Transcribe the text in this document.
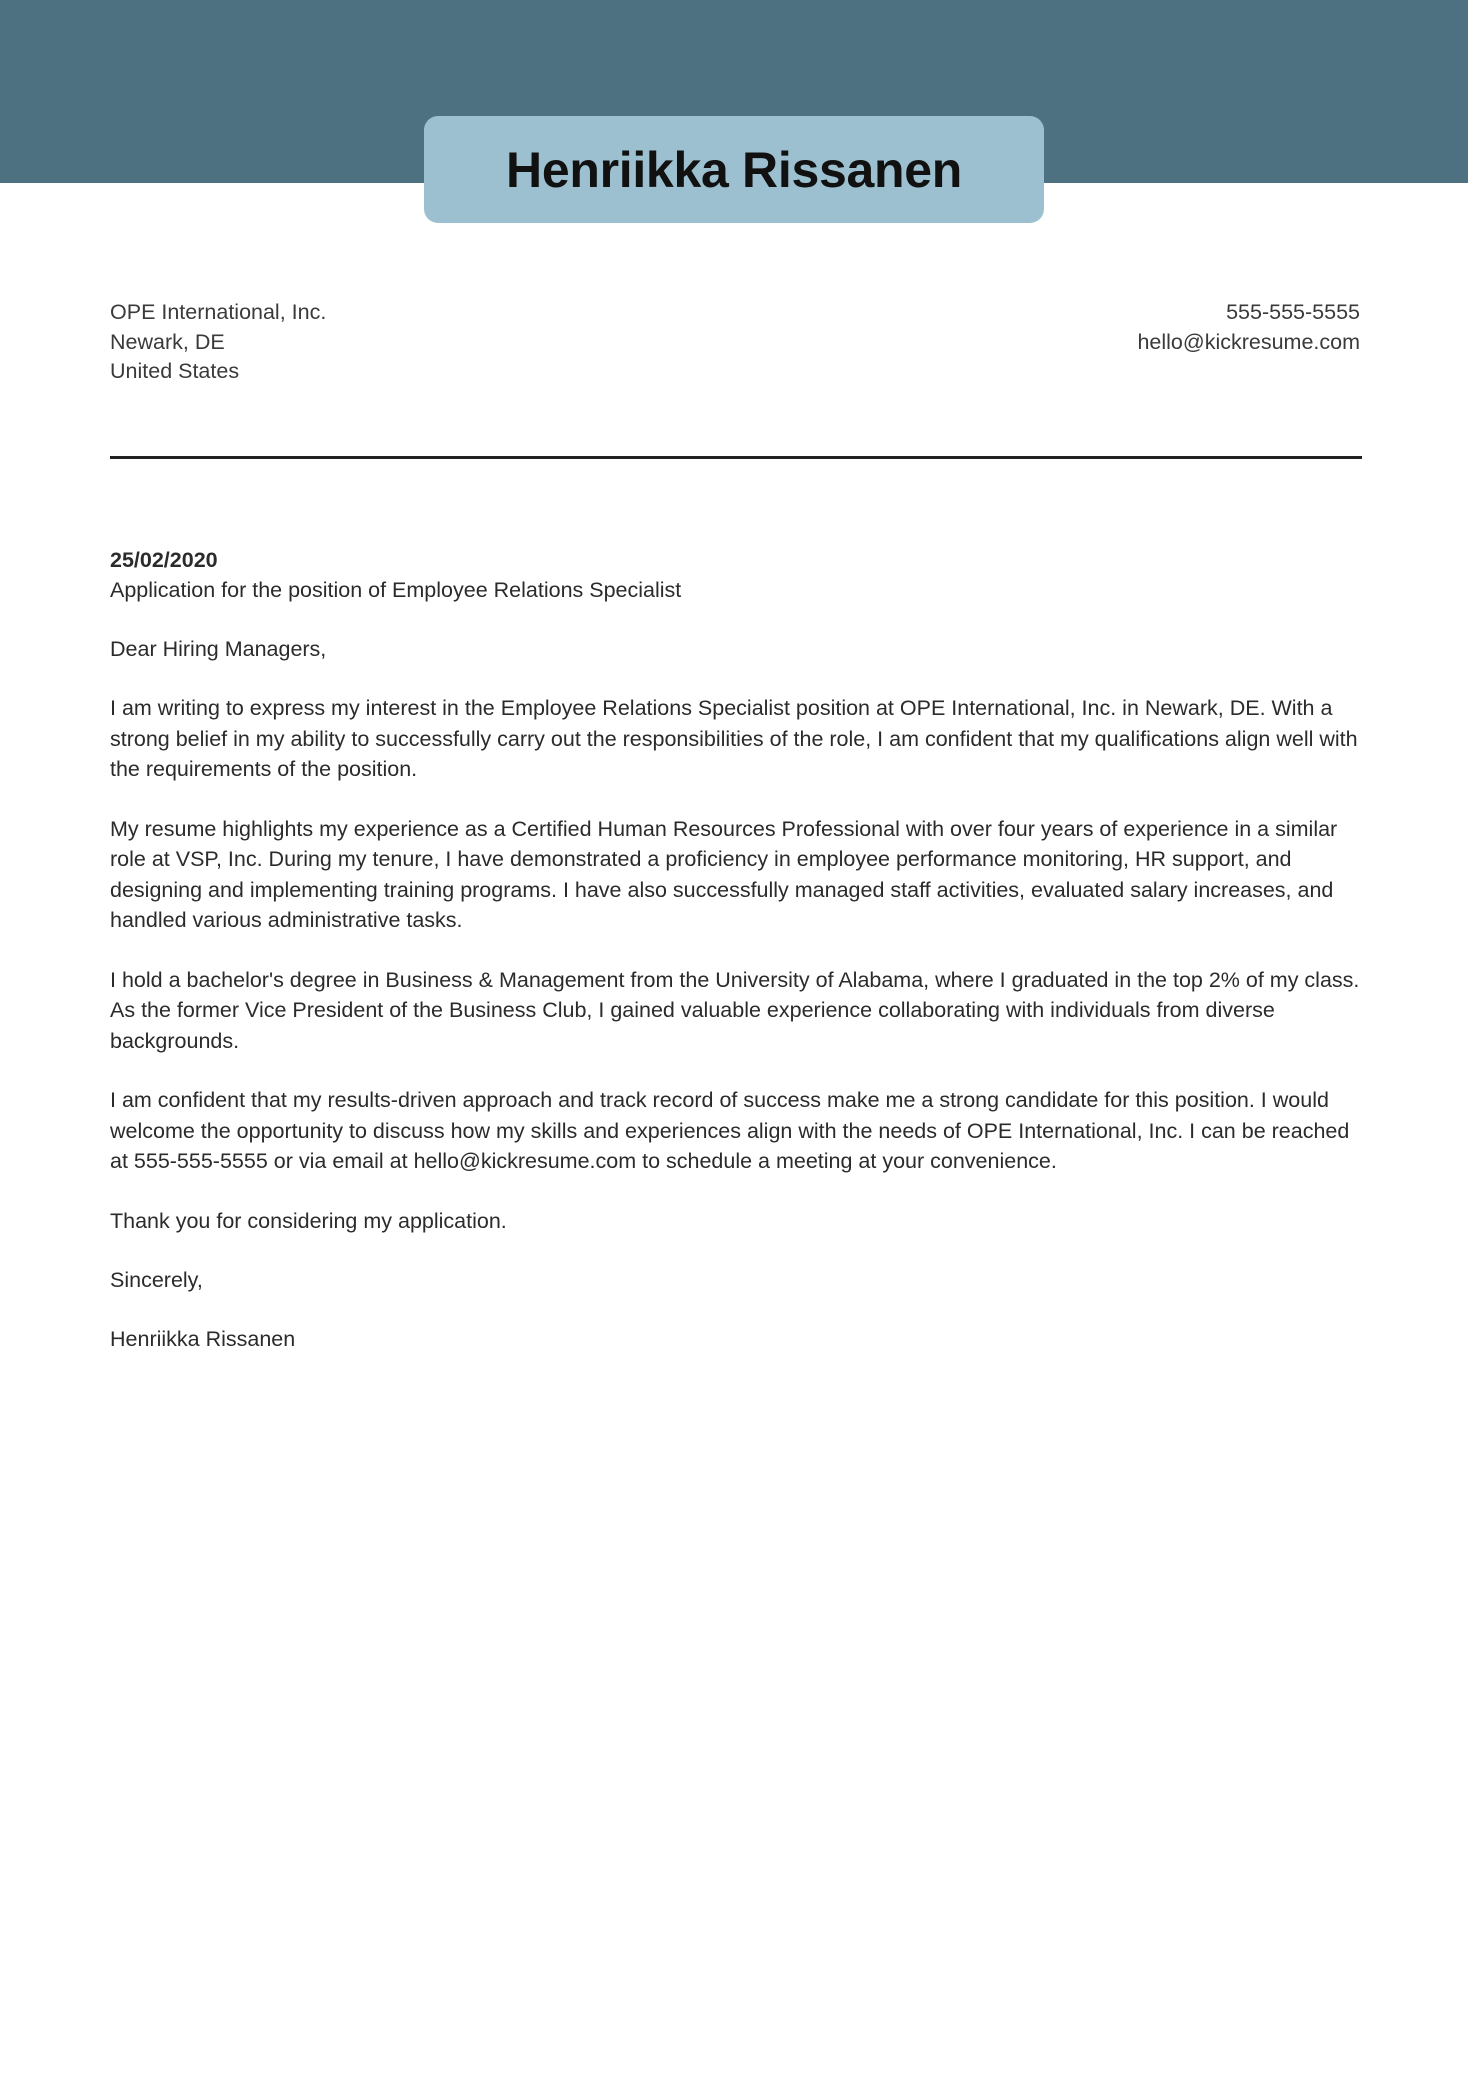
Henriikka Rissanen
OPE International, Inc.
Newark, DE
United States
555-555-5555
hello@kickresume.com
25/02/2020
Application for the position of Employee Relations Specialist
Dear Hiring Managers,
I am writing to express my interest in the Employee Relations Specialist position at OPE International, Inc. in Newark, DE. With a strong belief in my ability to successfully carry out the responsibilities of the role, I am confident that my qualifications align well with the requirements of the position.
My resume highlights my experience as a Certified Human Resources Professional with over four years of experience in a similar role at VSP, Inc. During my tenure, I have demonstrated a proficiency in employee performance monitoring, HR support, and designing and implementing training programs. I have also successfully managed staff activities, evaluated salary increases, and handled various administrative tasks.
I hold a bachelor's degree in Business & Management from the University of Alabama, where I graduated in the top 2% of my class. As the former Vice President of the Business Club, I gained valuable experience collaborating with individuals from diverse backgrounds.
I am confident that my results-driven approach and track record of success make me a strong candidate for this position. I would welcome the opportunity to discuss how my skills and experiences align with the needs of OPE International, Inc. I can be reached at 555-555-5555 or via email at hello@kickresume.com to schedule a meeting at your convenience.
Thank you for considering my application.
Sincerely,
Henriikka Rissanen
